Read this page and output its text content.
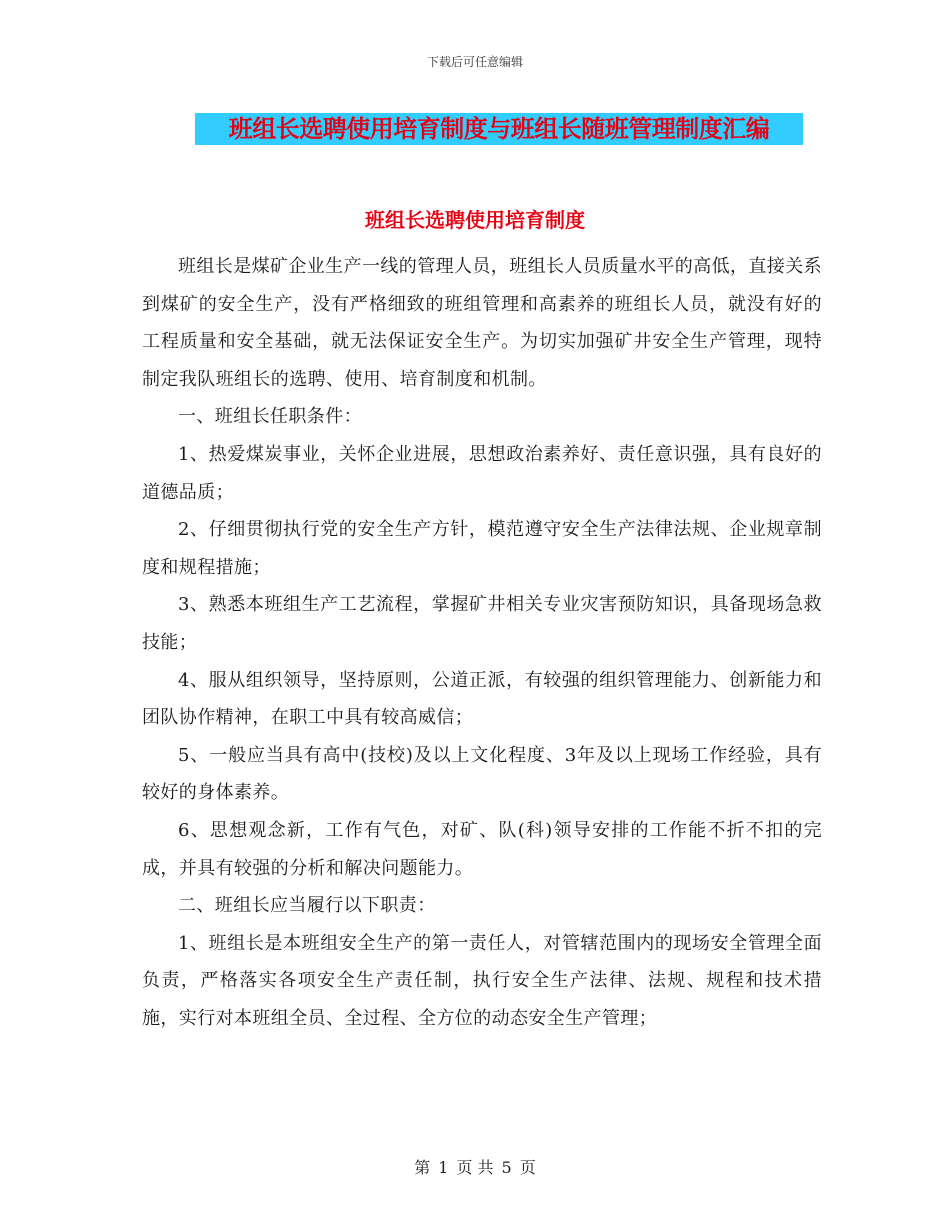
下载后可任意编辑
班组长选聘使用培育制度与班组长随班管理制度汇编
班组长选聘使用培育制度

班组长是煤矿企业生产一线的管理人员，班组长人员质量水平的高低，直接关系到煤矿的安全生产，没有严格细致的班组管理和高素养的班组长人员，就没有好的工程质量和安全基础，就无法保证安全生产。为切实加强矿井安全生产管理，现特制定我队班组长的选聘、使用、培育制度和机制。

一、班组长任职条件：

1、热爱煤炭事业，关怀企业进展，思想政治素养好、责任意识强，具有良好的道德品质；

2、仔细贯彻执行党的安全生产方针，模范遵守安全生产法律法规、企业规章制度和规程措施；

3、熟悉本班组生产工艺流程，掌握矿井相关专业灾害预防知识，具备现场急救技能；

4、服从组织领导，坚持原则，公道正派，有较强的组织管理能力、创新能力和团队协作精神，在职工中具有较高威信；

5、一般应当具有高中(技校)及以上文化程度、3年及以上现场工作经验，具有较好的身体素养。

6、思想观念新，工作有气色，对矿、队(科)领导安排的工作能不折不扣的完成，并具有较强的分析和解决问题能力。

二、班组长应当履行以下职责：

1、班组长是本班组安全生产的第一责任人，对管辖范围内的现场安全管理全面负责，严格落实各项安全生产责任制，执行安全生产法律、法规、规程和技术措施，实行对本班组全员、全过程、全方位的动态安全生产管理；

第 1 页 共 5 页
